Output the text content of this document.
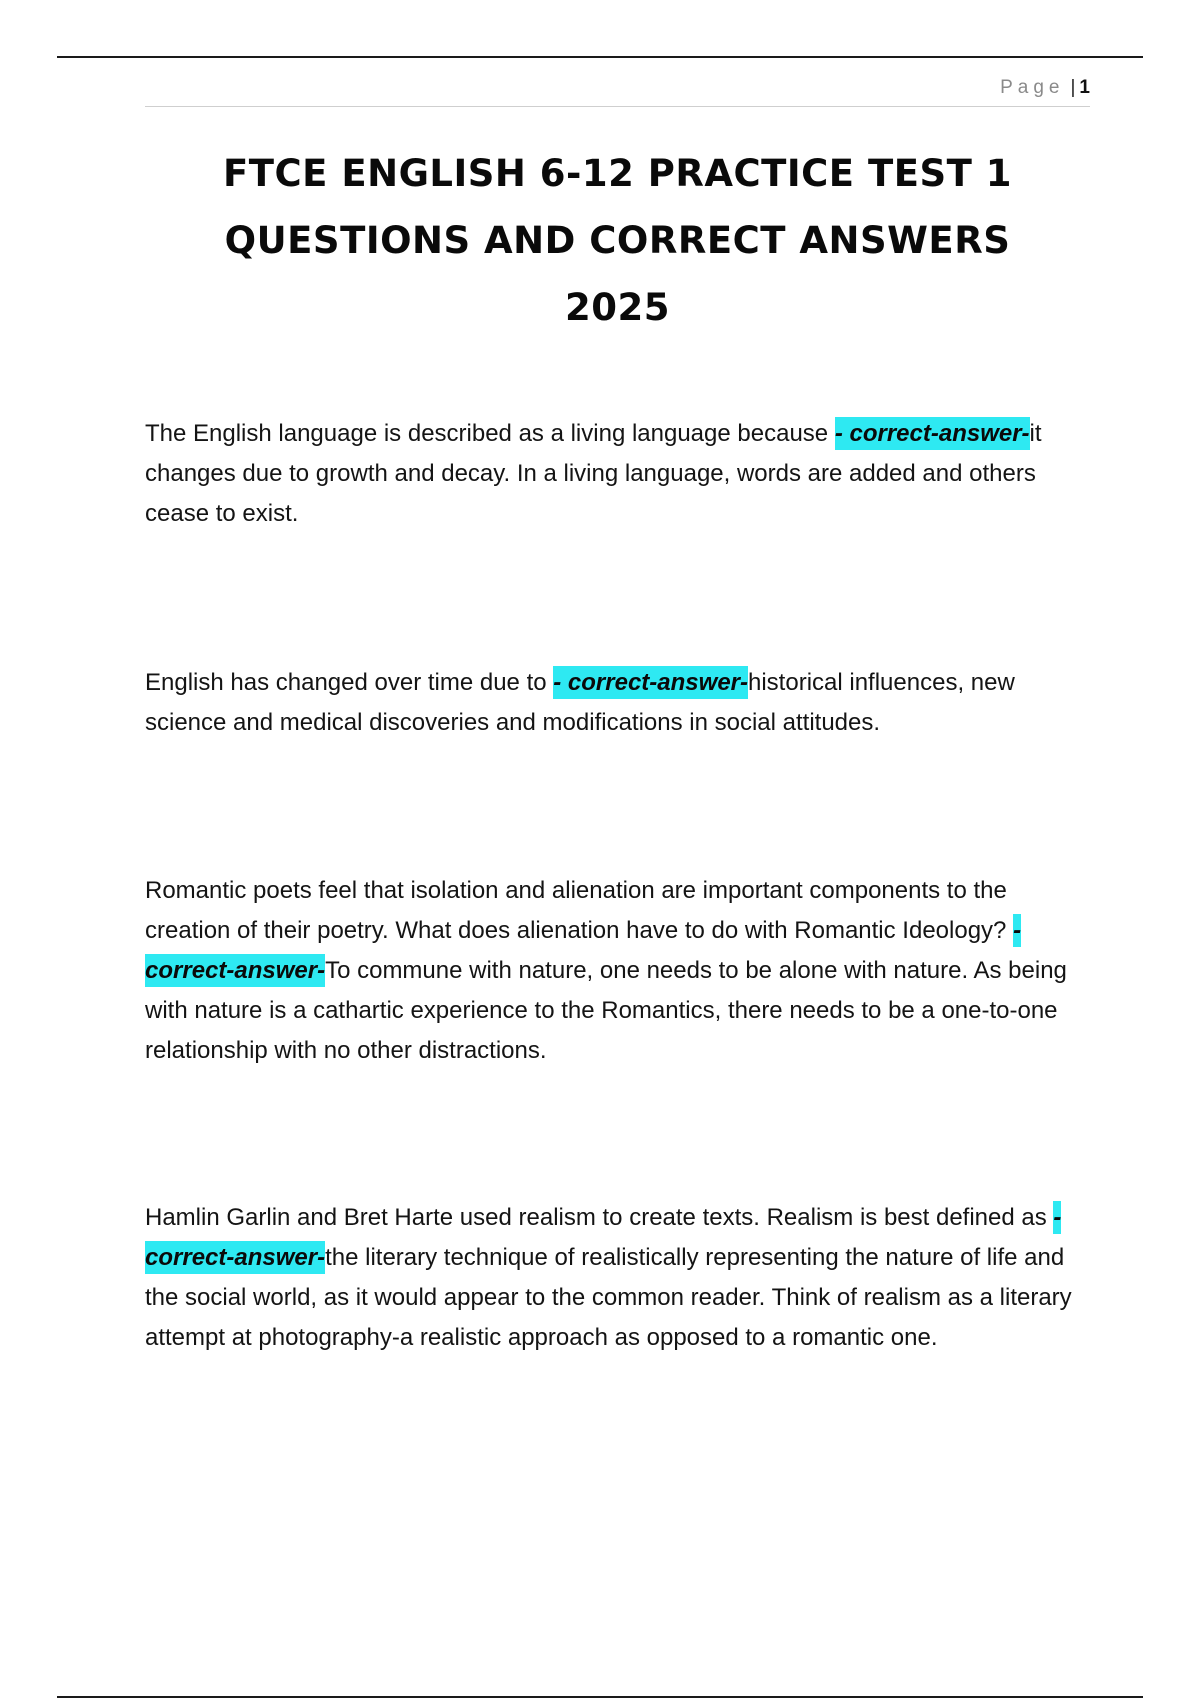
Page | 1
FTCE ENGLISH 6-12 PRACTICE TEST 1
QUESTIONS AND CORRECT ANSWERS
2025
The English language is described as a living language because - correct-answer-it changes due to growth and decay. In a living language, words are added and others cease to exist.
English has changed over time due to - correct-answer-historical influences, new science and medical discoveries and modifications in social attitudes.
Romantic poets feel that isolation and alienation are important components to the creation of their poetry. What does alienation have to do with Romantic Ideology? - correct-answer-To commune with nature, one needs to be alone with nature. As being with nature is a cathartic experience to the Romantics, there needs to be a one-to-one relationship with no other distractions.
Hamlin Garlin and Bret Harte used realism to create texts. Realism is best defined as - correct-answer-the literary technique of realistically representing the nature of life and the social world, as it would appear to the common reader. Think of realism as a literary attempt at photography-a realistic approach as opposed to a romantic one.
